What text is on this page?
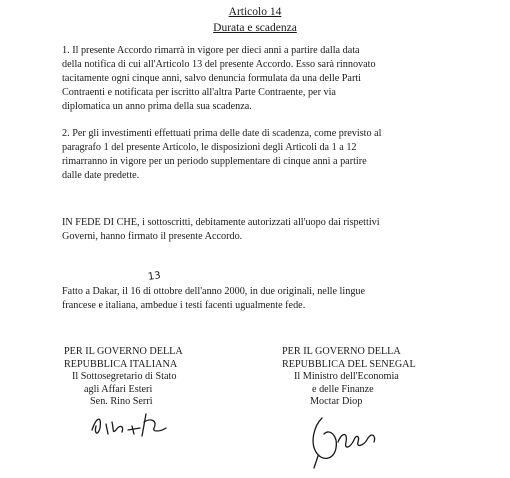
Articolo 14
Durata e scadenza
1. Il presente Accordo rimarrà in vigore per dieci anni a partire dalla data
della notifica di cui all'Articolo 13 del presente Accordo. Esso sarà rinnovato
tacitamente ogni cinque anni, salvo denuncia formulata da una delle Parti
Contraenti e notificata per iscritto all'altra Parte Contraente, per via
diplomatica un anno prima della sua scadenza.
2. Per gli investimenti effettuati prima delle date di scadenza, come previsto al
paragrafo 1 del presente Articolo, le disposizioni degli Articoli da 1 a 12
rimarranno in vigore per un periodo supplementare di cinque anni a partire
dalle date predette.
IN FEDE DI CHE, i sottoscritti, debitamente autorizzati all'uopo dai rispettivi
Governi, hanno firmato il presente Accordo.
13
Fatto a Dakar, il 16 di ottobre dell'anno 2000, in due originali, nelle lingue
francese e italiana, ambedue i testi facenti ugualmente fede.
PER IL GOVERNO DELLA
REPUBBLICA ITALIANA
Il Sottosegretario di Stato
agli Affari Esteri
Sen. Rino Serri
PER IL GOVERNO DELLA
REPUBBLICA DEL SENEGAL
Il Ministro dell'Economia
e delle Finanze
Moctar Diop
